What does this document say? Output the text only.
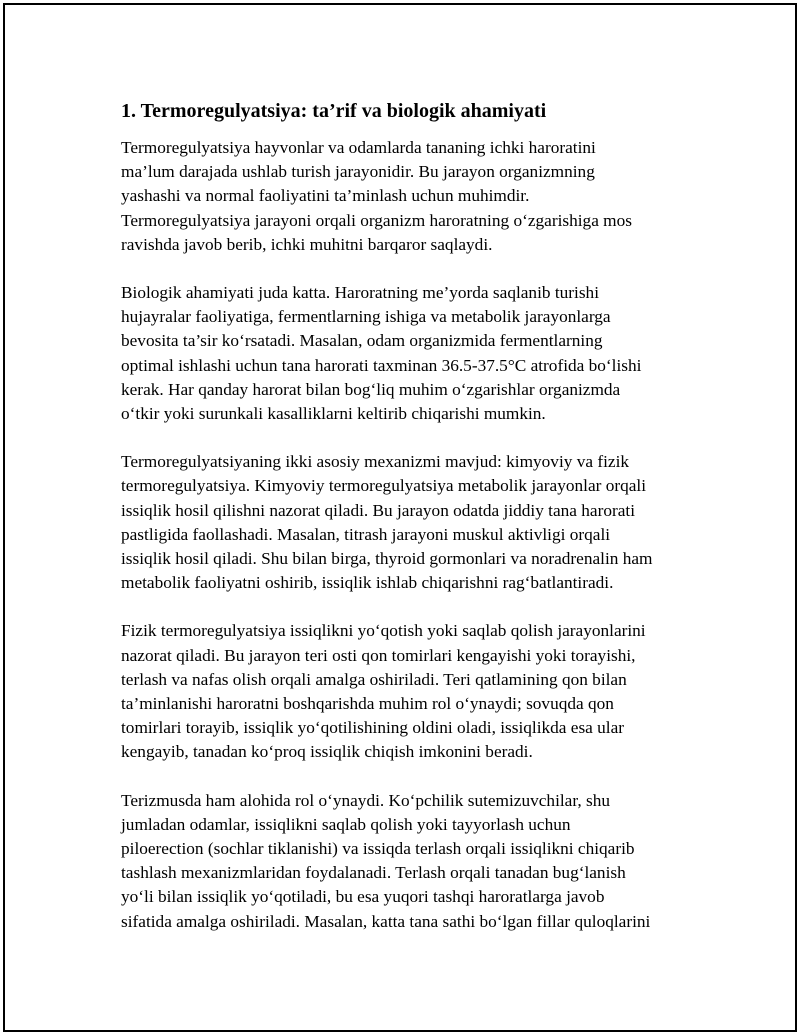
1. Termoregulyatsiya: ta’rif va biologik ahamiyati

Termoregulyatsiya hayvonlar va odamlarda tananing ichki haroratini
ma’lum darajada ushlab turish jarayonidir. Bu jarayon organizmning
yashashi va normal faoliyatini ta’minlash uchun muhimdir.
Termoregulyatsiya jarayoni orqali organizm haroratning o‘zgarishiga mos
ravishda javob berib, ichki muhitni barqaror saqlaydi.

Biologik ahamiyati juda katta. Haroratning me’yorda saqlanib turishi
hujayralar faoliyatiga, fermentlarning ishiga va metabolik jarayonlarga
bevosita ta’sir ko‘rsatadi. Masalan, odam organizmida fermentlarning
optimal ishlashi uchun tana harorati taxminan 36.5-37.5°C atrofida bo‘lishi
kerak. Har qanday harorat bilan bog‘liq muhim o‘zgarishlar organizmda
o‘tkir yoki surunkali kasalliklarni keltirib chiqarishi mumkin.

Termoregulyatsiyaning ikki asosiy mexanizmi mavjud: kimyoviy va fizik
termoregulyatsiya. Kimyoviy termoregulyatsiya metabolik jarayonlar orqali
issiqlik hosil qilishni nazorat qiladi. Bu jarayon odatda jiddiy tana harorati
pastligida faollashadi. Masalan, titrash jarayoni muskul aktivligi orqali
issiqlik hosil qiladi. Shu bilan birga, thyroid gormonlari va noradrenalin ham
metabolik faoliyatni oshirib, issiqlik ishlab chiqarishni rag‘batlantiradi.

Fizik termoregulyatsiya issiqlikni yo‘qotish yoki saqlab qolish jarayonlarini
nazorat qiladi. Bu jarayon teri osti qon tomirlari kengayishi yoki torayishi,
terlash va nafas olish orqali amalga oshiriladi. Teri qatlamining qon bilan
ta’minlanishi haroratni boshqarishda muhim rol o‘ynaydi; sovuqda qon
tomirlari torayib, issiqlik yo‘qotilishining oldini oladi, issiqlikda esa ular
kengayib, tanadan ko‘proq issiqlik chiqish imkonini beradi.

Terizmusda ham alohida rol o‘ynaydi. Ko‘pchilik sutemizuvchilar, shu
jumladan odamlar, issiqlikni saqlab qolish yoki tayyorlash uchun
piloerection (sochlar tiklanishi) va issiqda terlash orqali issiqlikni chiqarib
tashlash mexanizmlaridan foydalanadi. Terlash orqali tanadan bug‘lanish
yo‘li bilan issiqlik yo‘qotiladi, bu esa yuqori tashqi haroratlarga javob
sifatida amalga oshiriladi. Masalan, katta tana sathi bo‘lgan fillar quloqlarini
